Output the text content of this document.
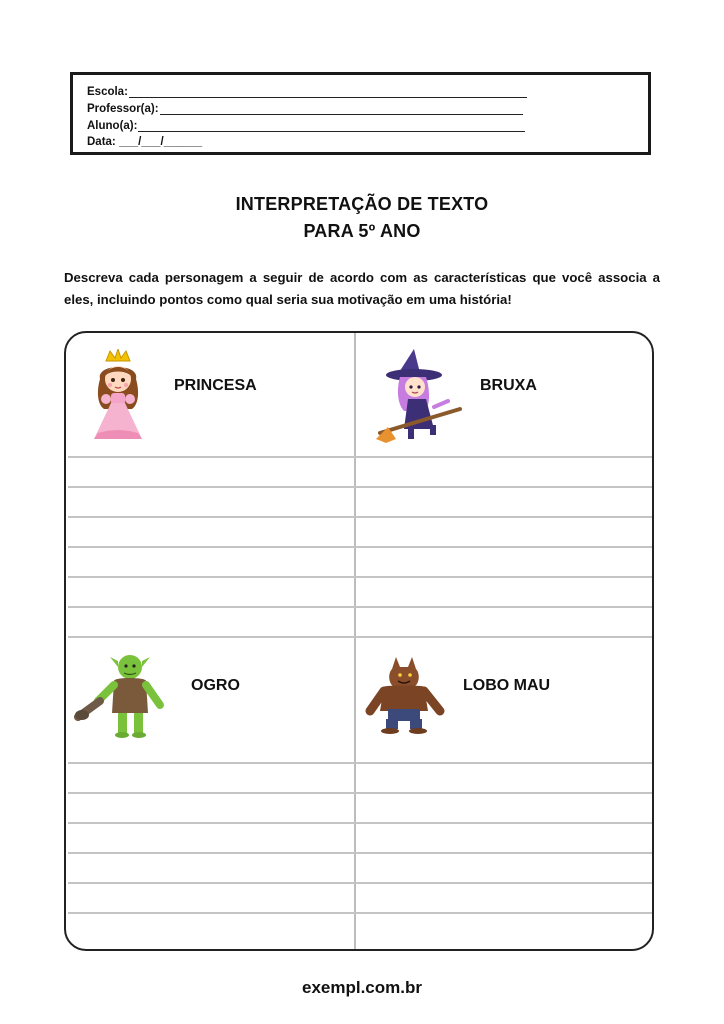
Escola:
Professor(a):
Aluno(a):
Data: ___/___/______
INTERPRETAÇÃO DE TEXTO
PARA 5º ANO
Descreva cada personagem a seguir de acordo com as características que você associa a eles, incluindo pontos como qual seria sua motivação em uma história!
PRINCESA	BRUXA
OGRO	LOBO MAU
exempl.com.br
